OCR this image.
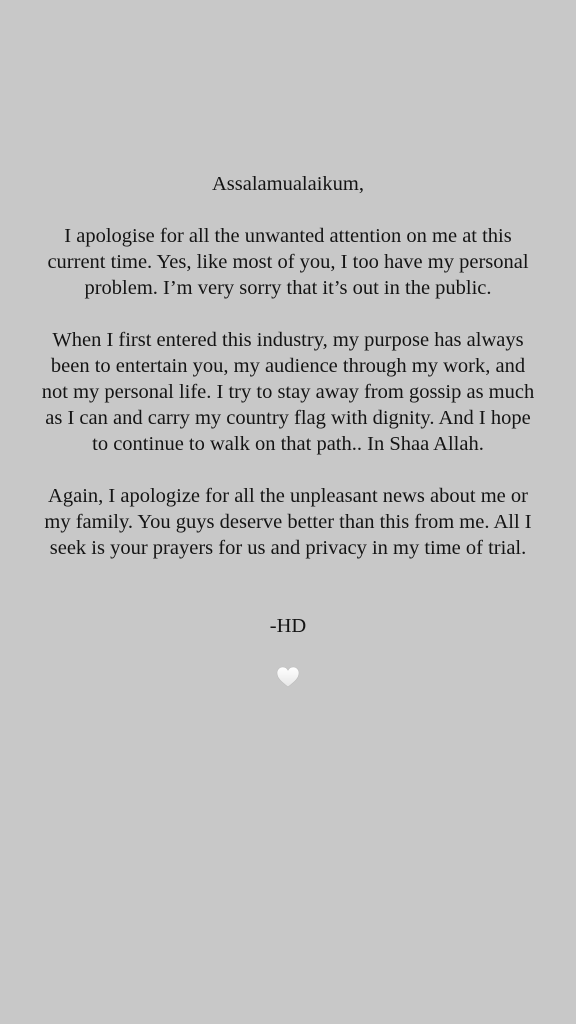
Assalamualaikum,

I apologise for all the unwanted attention on me at this current time. Yes, like most of you, I too have my personal problem. I’m very sorry that it’s out in the public.

When I first entered this industry, my purpose has always been to entertain you, my audience through my work, and not my personal life. I try to stay away from gossip as much as I can and carry my country flag with dignity. And I hope to continue to walk on that path.. In Shaa Allah.

Again, I apologize for all the unpleasant news about me or my family. You guys deserve better than this from me. All I seek is your prayers for us and privacy in my time of trial.

-HD
